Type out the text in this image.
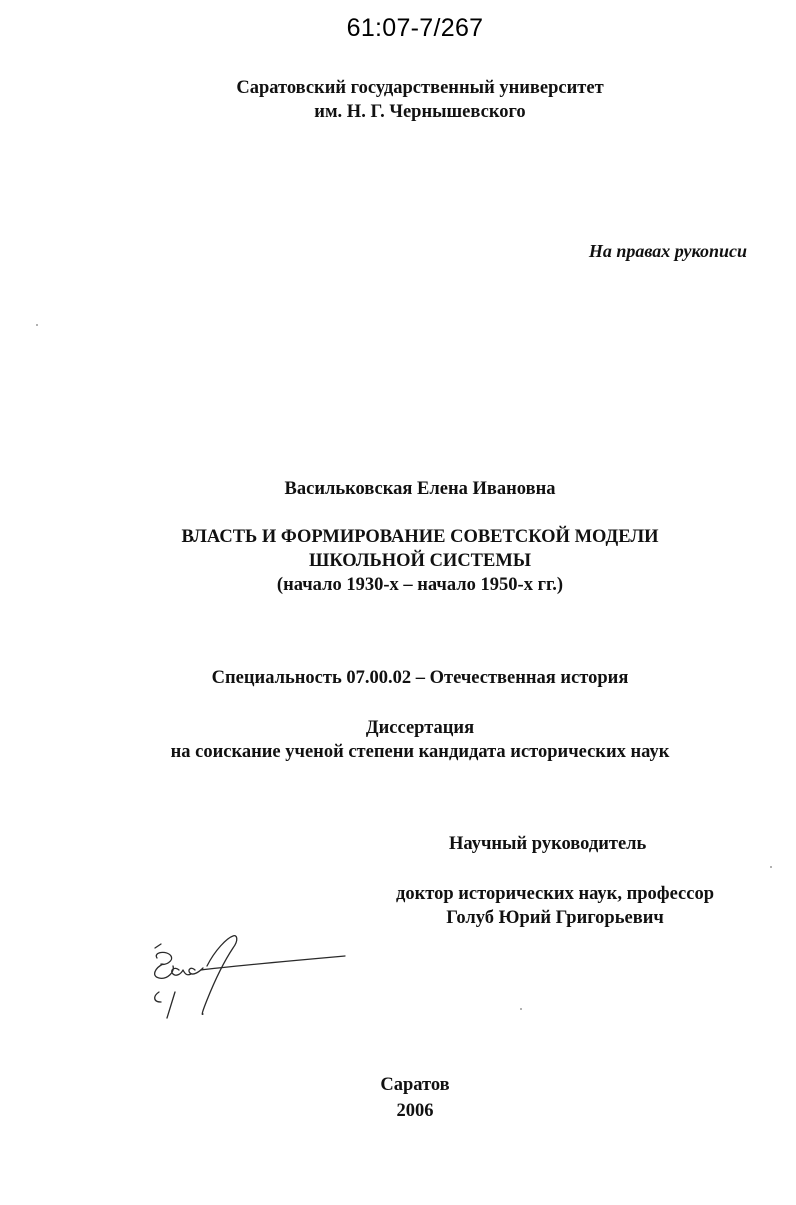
61:07-7/267
Саратовский государственный университет
им. Н. Г. Чернышевского
На правах рукописи
Васильковская Елена Ивановна
ВЛАСТЬ И ФОРМИРОВАНИЕ СОВЕТСКОЙ МОДЕЛИ
ШКОЛЬНОЙ СИСТЕМЫ
(начало 1930-х – начало 1950-х гг.)
Специальность 07.00.02 – Отечественная история
Диссертация
на соискание ученой степени кандидата исторических наук
Научный руководитель
доктор исторических наук, профессор
Голуб Юрий Григорьевич
Саратов
2006
